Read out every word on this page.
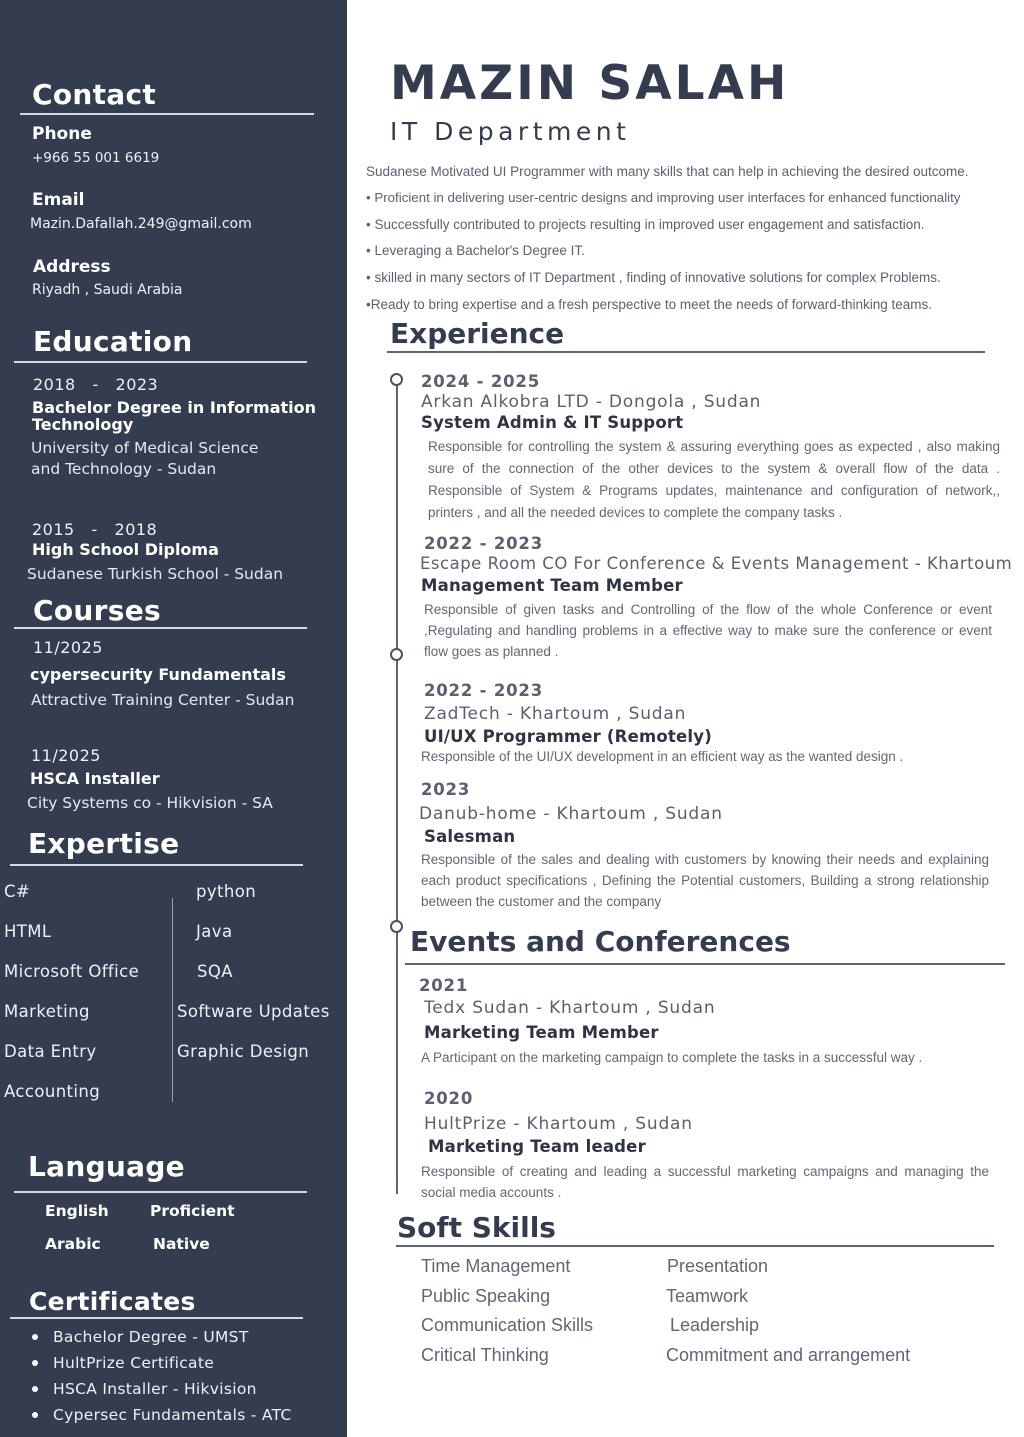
Contact
Phone
+966 55 001 6619
Email
Mazin.Dafallah.249@gmail.com
Address
Riyadh , Saudi Arabia
Education
2018   -   2023
Bachelor Degree in Information Technology
University of Medical Science and Technology - Sudan
2015   -   2018
High School Diploma
Sudanese Turkish School - Sudan
Courses
11/2025
cypersecurity Fundamentals
Attractive Training Center - Sudan
11/2025
HSCA Installer
City Systems co - Hikvision - SA
Expertise
C#
HTML
Microsoft Office
Marketing
Data Entry
Accounting
python
Java
SQA
Software Updates
Graphic Design
Language
English	Proficient
Arabic	Native
Certificates
Bachelor Degree - UMST
HultPrize Certificate
HSCA Installer - Hikvision
Cypersec Fundamentals - ATC
MAZIN SALAH
IT Department
Sudanese Motivated UI Programmer with many skills that can help in achieving the desired outcome.
• Proficient in delivering user-centric designs and improving user interfaces for enhanced functionality
• Successfully contributed to projects resulting in improved user engagement and satisfaction.
• Leveraging a Bachelor's Degree IT.
• skilled in many sectors of IT Department , finding of innovative solutions for complex Problems.
•Ready to bring expertise and a fresh perspective to meet the needs of forward-thinking teams.
Experience
2024 - 2025
Arkan Alkobra LTD - Dongola , Sudan
System Admin & IT Support
Responsible for controlling the system & assuring everything goes as expected , also making sure of the connection of the other devices to the system & overall flow of the data . Responsible of System & Programs updates, maintenance and configuration of network,, printers , and all the needed devices to complete the company tasks .
2022 - 2023
Escape Room CO For Conference & Events Management - Khartoum
Management Team Member
Responsible of given tasks and Controlling of the flow of the whole Conference or event ,Regulating and handling problems in a effective way to make sure the conference or event flow goes as planned .
2022 - 2023
ZadTech - Khartoum , Sudan
UI/UX Programmer (Remotely)
Responsible of the UI/UX development in an efficient way as the wanted design .
2023
Danub-home - Khartoum , Sudan
Salesman
Responsible of the sales and dealing with customers by knowing their needs and explaining each product specifications , Defining the Potential customers, Building a strong relationship between the customer and the company
Events and Conferences
2021
Tedx Sudan - Khartoum , Sudan
Marketing Team Member
A Participant on the marketing campaign to complete the tasks in a successful way .
2020
HultPrize - Khartoum , Sudan
Marketing Team leader
Responsible of creating and leading a successful marketing campaigns and managing the social media accounts .
Soft Skills
Time Management
Public Speaking
Communication Skills
Critical Thinking
Presentation
Teamwork
Leadership
Commitment and arrangement
